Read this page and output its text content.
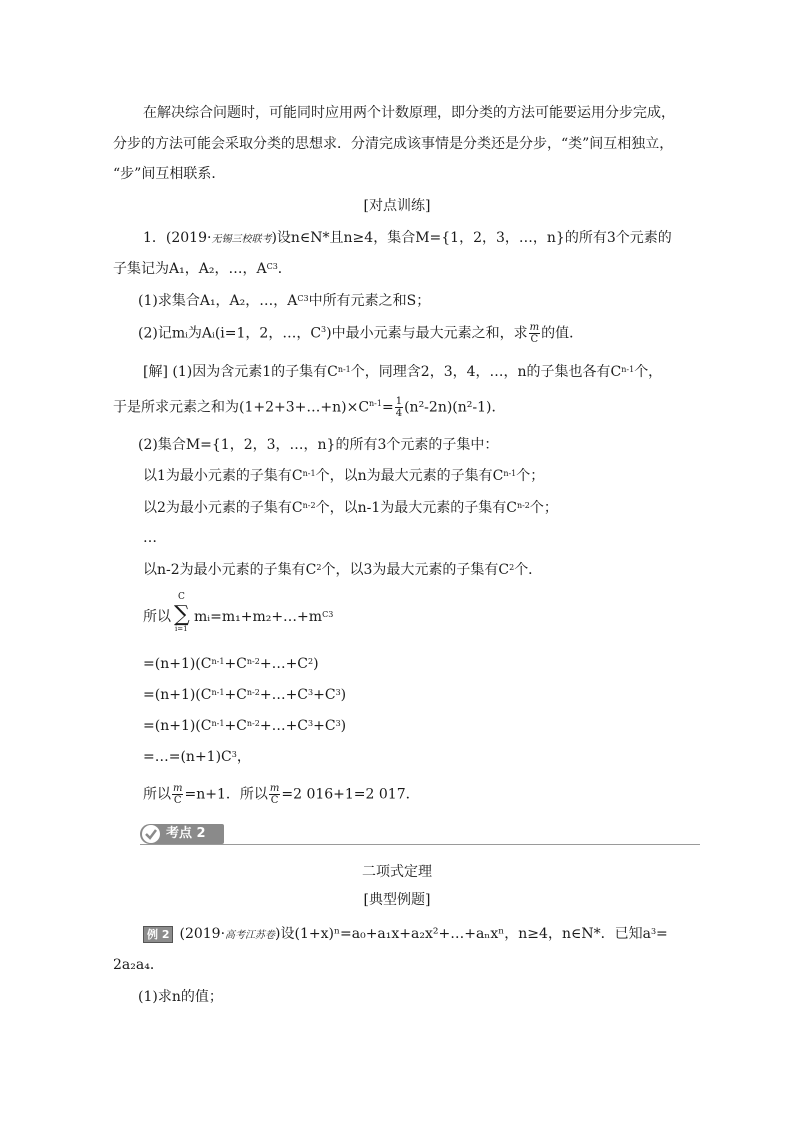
在解决综合问题时，可能同时应用两个计数原理，即分类的方法可能要运用分步完成，
分步的方法可能会采取分类的思想求．分清完成该事情是分类还是分步，“类”间互相独立，
“步”间互相联系．
[对点训练]
1．(2019·无锡三校联考)设n∈N*且n≥4，集合M={1，2，3，…，n}的所有3个元素的
子集记为A₁，A₂，…，$A^{C3}$．
(1)求集合A₁，A₂，…，$A^{C3}$中所有元素之和S；
(2)记mᵢ为Aᵢ(i=1，2，…，$C^3$)中最小元素与最大元素之和，求 $\frac{m}{C}$ 的值．
[解] (1)因为含元素1的子集有$C^{n-1}$个，同理含2，3，4，…，n的子集也各有$C^{n-1}$个，
于是所求元素之和为$(1+2+3+\dots+n)\times C^{n-1}= \frac{1}{4} (n^2-2n)(n^2-1)$．
(2)集合M={1，2，3，…，n}的所有3个元素的子集中：
以1为最小元素的子集有$C^{n-1}$个，以n为最大元素的子集有$C^{n-1}$个；
以2为最小元素的子集有$C^{n-2}$个，以n-1为最大元素的子集有$C^{n-2}$个；
…
以n-2为最小元素的子集有$C^2$个，以3为最大元素的子集有$C^2$个．
所以
C
∑
i=1
$mᵢ=m_1+m_2+\dots+m^{C3}$
$=(n+1)(C^{n-1}+C^{n-2}+\dots+C^2)$
$=(n+1)(C^{n-1}+C^{n-2}+\dots+C^3+C^3)$
$=(n+1)(C^{n-1}+C^{n-2}+\dots+C^3+C^3)$
$=\dots=(n+1)C^3$，
所以 $\frac{m}{C} =n+1$．所以 $\frac{m}{C} =2$ 016+1=2 017．
考点 2
二项式定理
[典型例题]
例 2 (2019·高考江苏卷)设(1+x)ⁿ=a₀+a₁x+a₂x²+…+aₙxⁿ，n≥4，n∈N*．已知$a^3=$
2a₂a₄．
(1)求n的值；
